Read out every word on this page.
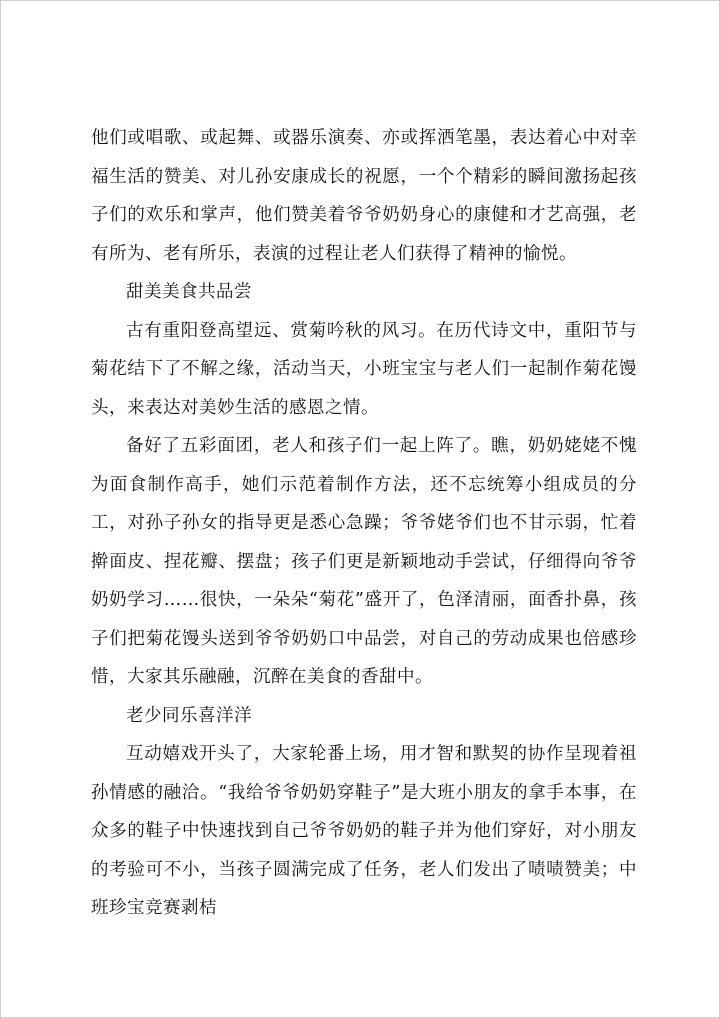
他们或唱歌、或起舞、或器乐演奏、亦或挥洒笔墨，表达着心中对幸福生活的赞美、对儿孙安康成长的祝愿，一个个精彩的瞬间激扬起孩子们的欢乐和掌声，他们赞美着爷爷奶奶身心的康健和才艺高强，老有所为、老有所乐，表演的过程让老人们获得了精神的愉悦。

甜美美食共品尝

古有重阳登高望远、赏菊吟秋的风习。在历代诗文中，重阳节与菊花结下了不解之缘，活动当天，小班宝宝与老人们一起制作菊花馒头，来表达对美妙生活的感恩之情。

备好了五彩面团，老人和孩子们一起上阵了。瞧，奶奶姥姥不愧为面食制作高手，她们示范着制作方法，还不忘统筹小组成员的分工，对孙子孙女的指导更是悉心急躁；爷爷姥爷们也不甘示弱，忙着擀面皮、捏花瓣、摆盘；孩子们更是新颖地动手尝试，仔细得向爷爷奶奶学习……很快，一朵朵“菊花”盛开了，色泽清丽，面香扑鼻，孩子们把菊花馒头送到爷爷奶奶口中品尝，对自己的劳动成果也倍感珍惜，大家其乐融融，沉醉在美食的香甜中。

老少同乐喜洋洋

互动嬉戏开头了，大家轮番上场，用才智和默契的协作呈现着祖孙情感的融洽。“我给爷爷奶奶穿鞋子”是大班小朋友的拿手本事，在众多的鞋子中快速找到自己爷爷奶奶的鞋子并为他们穿好，对小朋友的考验可不小，当孩子圆满完成了任务，老人们发出了啧啧赞美；中班珍宝竞赛剥桔
